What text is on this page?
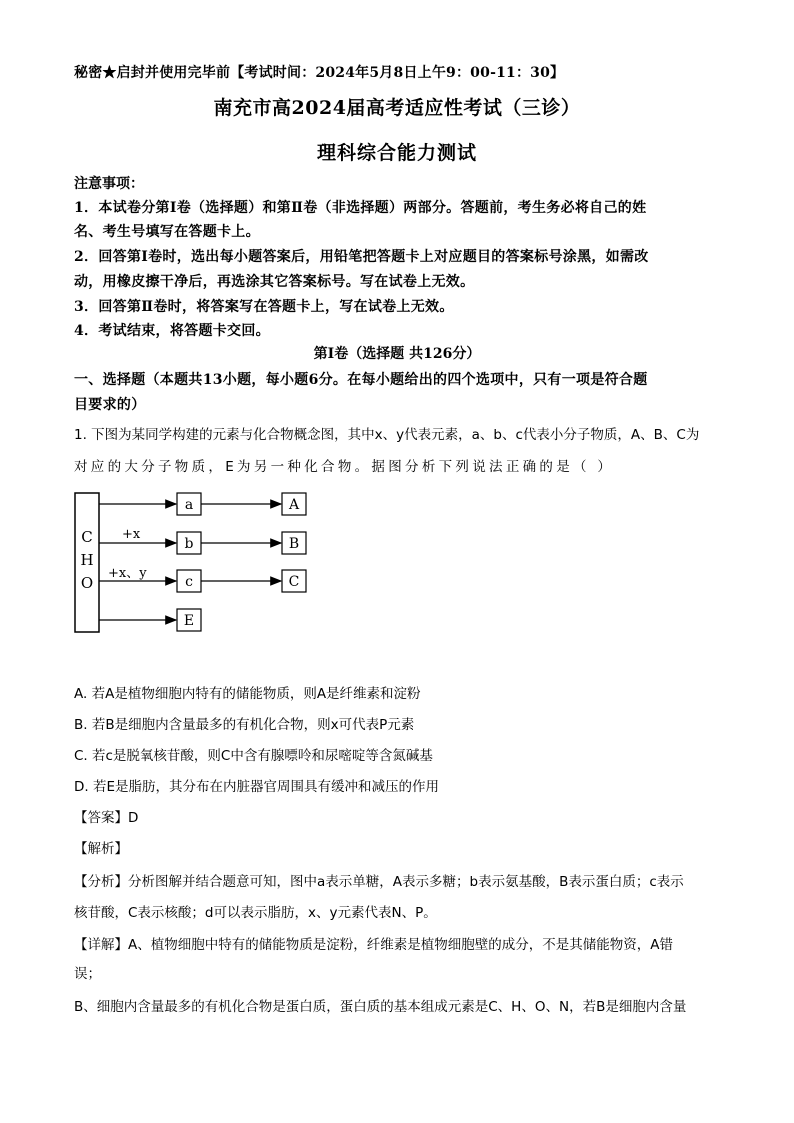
秘密★启封并使用完毕前【考试时间：2024年5月8日上午9：00-11：30】
南充市高2024届高考适应性考试（三诊）
理科综合能力测试
注意事项：
1．本试卷分第Ⅰ卷（选择题）和第Ⅱ卷（非选择题）两部分。答题前，考生务必将自己的姓
名、考生号填写在答题卡上。
2．回答第Ⅰ卷时，选出每小题答案后，用铅笔把答题卡上对应题目的答案标号涂黑，如需改
动，用橡皮擦干净后，再选涂其它答案标号。写在试卷上无效。
3．回答第Ⅱ卷时，将答案写在答题卡上，写在试卷上无效。
4．考试结束，将答题卡交回。
第Ⅰ卷（选择题 共126分）
一、选择题（本题共13小题，每小题6分。在每小题给出的四个选项中，只有一项是符合题
目要求的）
1. 下图为某同学构建的元素与化合物概念图，其中x、y代表元素，a、b、c代表小分子物质，A、B、C为
对应的大分子物质，E为另一种化合物。据图分析下列说法正确的是（ ）
C
H
O
a	A
+x
b	B
+x、y
c	C
E
A. 若A是植物细胞内特有的储能物质，则A是纤维素和淀粉
B. 若B是细胞内含量最多的有机化合物，则x可代表P元素
C. 若c是脱氧核苷酸，则C中含有腺嘌呤和尿嘧啶等含氮碱基
D. 若E是脂肪，其分布在内脏器官周围具有缓冲和减压的作用
【答案】D
【解析】
【分析】分析图解并结合题意可知，图中a表示单糖，A表示多糖；b表示氨基酸，B表示蛋白质；c表示
核苷酸，C表示核酸；d可以表示脂肪，x、y元素代表N、P。
【详解】A、植物细胞中特有的储能物质是淀粉，纤维素是植物细胞壁的成分，不是其储能物资，A错
误；
B、细胞内含量最多的有机化合物是蛋白质，蛋白质的基本组成元素是C、H、O、N，若B是细胞内含量
